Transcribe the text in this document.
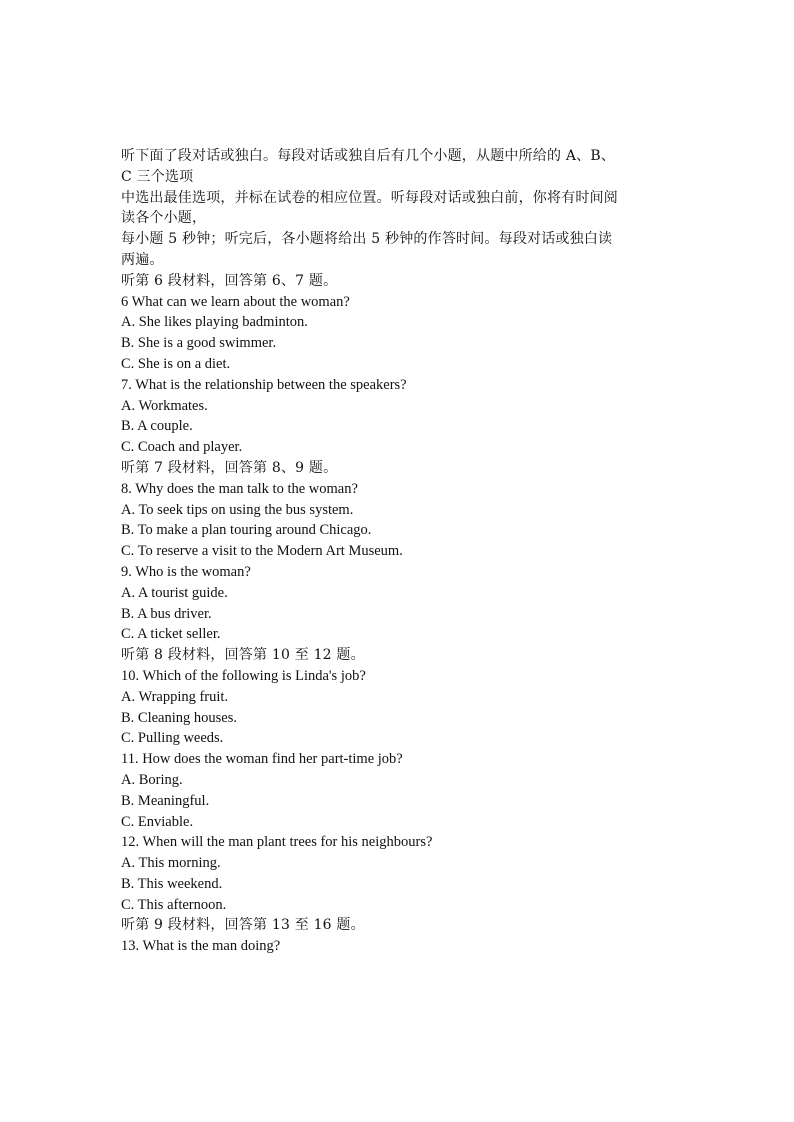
听下面了段对话或独白。每段对话或独自后有几个小题，从题中所给的 A、B、
C 三个选项
中选出最佳选项，并标在试卷的相应位置。听每段对话或独白前，你将有时间阅
读各个小题，
每小题 5 秒钟；听完后，各小题将给出 5 秒钟的作答时间。每段对话或独白读
两遍。
听第 6 段材料，回答第 6、7 题。
6 What can we learn about the woman?
A. She likes playing badminton.
B. She is a good swimmer.
C. She is on a diet.
7. What is the relationship between the speakers?
A. Workmates.
B. A couple.
C. Coach and player.
听第 7 段材料，回答第 8、9 题。
8. Why does the man talk to the woman?
A. To seek tips on using the bus system.
B. To make a plan touring around Chicago.
C. To reserve a visit to the Modern Art Museum.
9. Who is the woman?
A. A tourist guide.
B. A bus driver.
C. A ticket seller.
听第 8 段材料，回答第 10 至 12 题。
10. Which of the following is Linda's job?
A. Wrapping fruit.
B. Cleaning houses.
C. Pulling weeds.
11. How does the woman find her part-time job?
A. Boring.
B. Meaningful.
C. Enviable.
12. When will the man plant trees for his neighbours?
A. This morning.
B. This weekend.
C. This afternoon.
听第 9 段材料，回答第 13 至 16 题。
13. What is the man doing?
